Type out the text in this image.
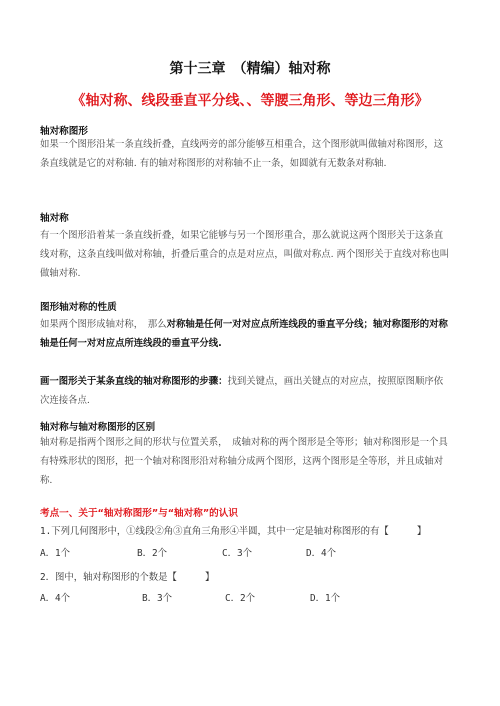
第十三章　（精编）轴对称
《轴对称、线段垂直平分线、、等腰三角形、等边三角形》
轴对称图形
如果一个图形沿某一条直线折叠，直线两旁的部分能够互相重合，这个图形就叫做轴对称图形，这条直线就是它的对称轴. 有的轴对称图形的对称轴不止一条，如圆就有无数条对称轴.
轴对称
有一个图形沿着某一条直线折叠，如果它能够与另一个图形重合，那么就说这两个图形关于这条直线对称，这条直线叫做对称轴，折叠后重合的点是对应点，叫做对称点. 两个图形关于直线对称也叫做轴对称.
图形轴对称的性质
如果两个图形成轴对称，　那么对称轴是任何一对对应点所连线段的垂直平分线；轴对称图形的对称轴是任何一对对应点所连线段的垂直平分线.
画一图形关于某条直线的轴对称图形的步骤：找到关键点，画出关键点的对应点，按照原图顺序依次连接各点.
轴对称与轴对称图形的区别
轴对称是指两个图形之间的形状与位置关系，　成轴对称的两个图形是全等形；轴对称图形是一个具有特殊形状的图形，把一个轴对称图形沿对称轴分成两个图形，这两个图形是全等形，并且成轴对称.
考点一、关于“轴对称图形”与“轴对称”的认识
1.下列几何图形中，①线段②角③直角三角形④半圆，其中一定是轴对称图形的有【　　　】
A．1个	B．2个	C．3个	D．4个
2．图中，轴对称图形的个数是【　　　】
A．4个	B．3个	C．2个	D．1个
